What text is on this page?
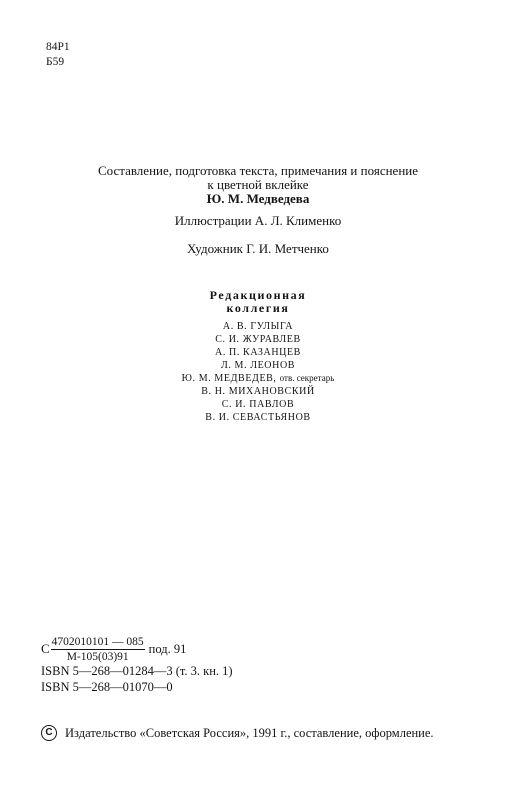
84Р1
Б59
Составление, подготовка текста, примечания и пояснение
к цветной вклейке
Ю. М. Медведева
Иллюстрации А. Л. Клименко
Художник Г. И. Метченко
Редакционная
коллегия
А. В. ГУЛЫГА
С. И. ЖУРАВЛЕВ
А. П. КАЗАНЦЕВ
Л. М. ЛЕОНОВ
Ю. М. МЕДВЕДЕВ, отв. секретарь
В. Н. МИХАНОВСКИЙ
С. И. ПАВЛОВ
В. И. СЕВАСТЬЯНОВ
С 4702010101 — 085
М-105(03)91
под. 91
ISBN 5—268—01284—3 (т. 3. кн. 1)
ISBN 5—268—01070—0
C Издательство «Советская Россия», 1991 г., составление, оформление.
